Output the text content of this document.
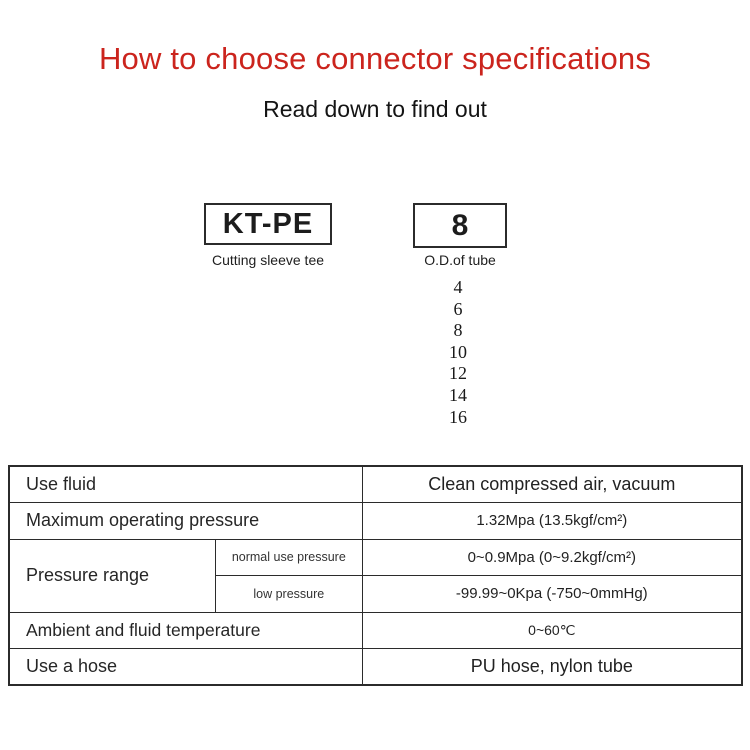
How to choose connector specifications
Read down to find out
KT-PE
Cutting sleeve tee
8
O.D.of tube
4
6
8
10
12
14
16
Use fluid		Clean compressed air, vacuum
Maximum operating pressure		1.32Mpa (13.5kgf/cm²)
Pressure range	normal use pressure	0~0.9Mpa (0~9.2kgf/cm²)
	low pressure	-99.99~0Kpa (-750~0mmHg)
Ambient and fluid temperature		0~60℃
Use a hose		PU hose, nylon tube
